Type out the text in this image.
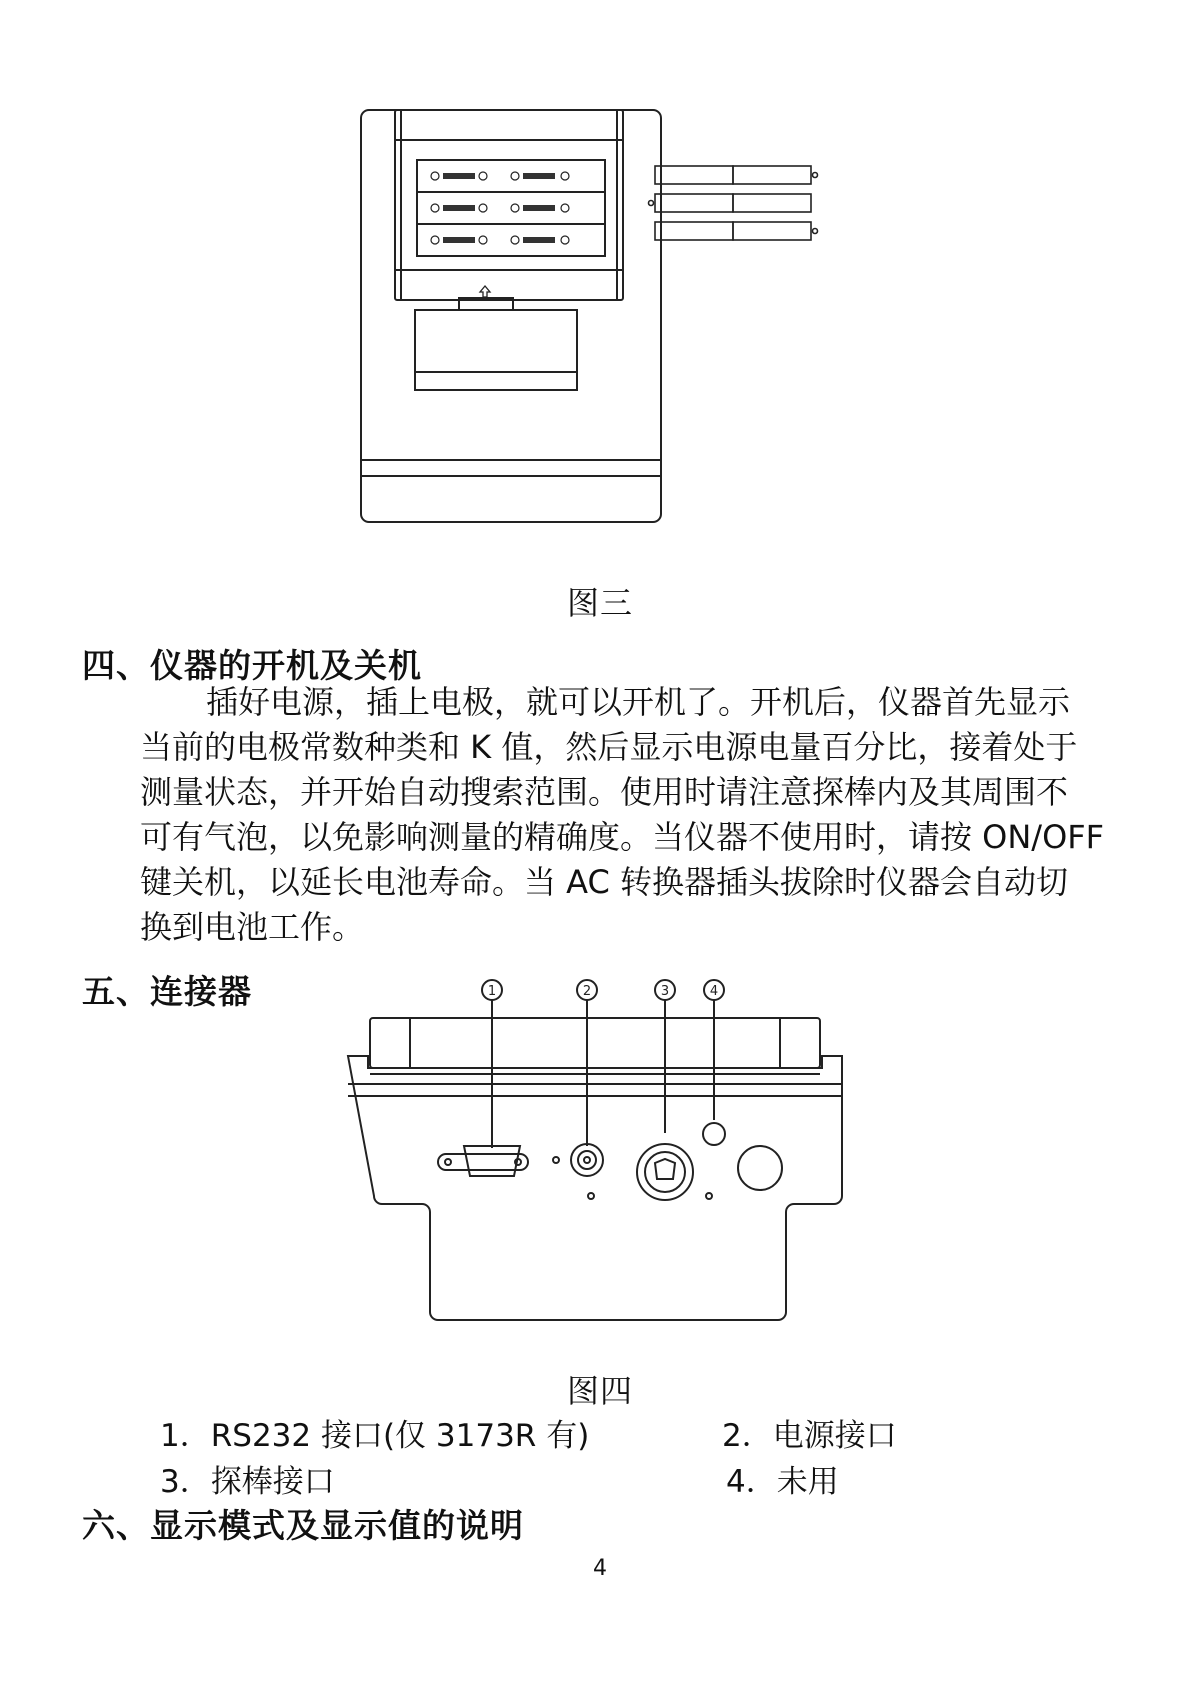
图三
四、仪器的开机及关机
插好电源，插上电极，就可以开机了。开机后，仪器首先显示
当前的电极常数种类和 K 值，然后显示电源电量百分比，接着处于
测量状态，并开始自动搜索范围。使用时请注意探棒内及其周围不
可有气泡，以免影响测量的精确度。当仪器不使用时，请按 ON/OFF
键关机，以延长电池寿命。当 AC 转换器插头拔除时仪器会自动切
换到电池工作。
五、连接器	1	2	3	4
图四
1．RS232 接口(仅 3173R 有)	2．电源接口
3．探棒接口	4．未用
六、显示模式及显示值的说明
4
